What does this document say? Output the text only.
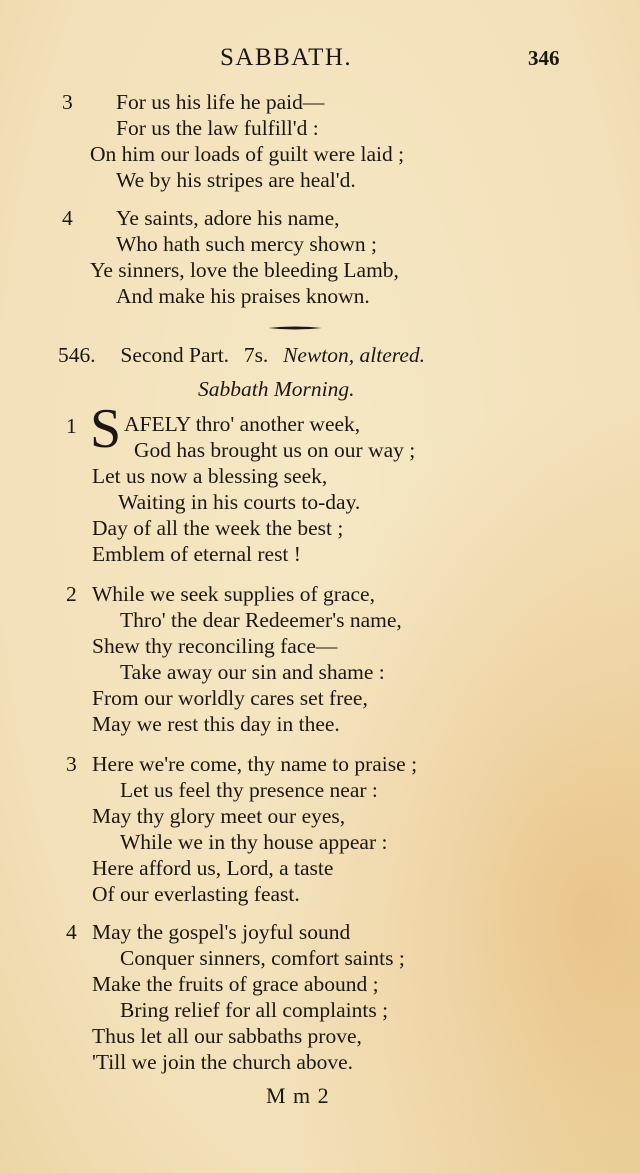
SABBATH.	346
3 For us his life he paid—
For us the law fulfill'd :
On him our loads of guilt were laid ;
We by his stripes are heal'd.
4 Ye saints, adore his name,
Who hath such mercy shown ;
Ye sinners, love the bleeding Lamb,
And make his praises known.
546. Second Part. 7s. Newton, altered.
Sabbath Morning.
1 S AFELY thro' another week,
God has brought us on our way ;
Let us now a blessing seek,
Waiting in his courts to-day.
Day of all the week the best ;
Emblem of eternal rest !
2 While we seek supplies of grace,
Thro' the dear Redeemer's name,
Shew thy reconciling face—
Take away our sin and shame :
From our worldly cares set free,
May we rest this day in thee.
3 Here we're come, thy name to praise ;
Let us feel thy presence near :
May thy glory meet our eyes,
While we in thy house appear :
Here afford us, Lord, a taste
Of our everlasting feast.
4 May the gospel's joyful sound
Conquer sinners, comfort saints ;
Make the fruits of grace abound ;
Bring relief for all complaints ;
Thus let all our sabbaths prove,
'Till we join the church above.
M m 2
